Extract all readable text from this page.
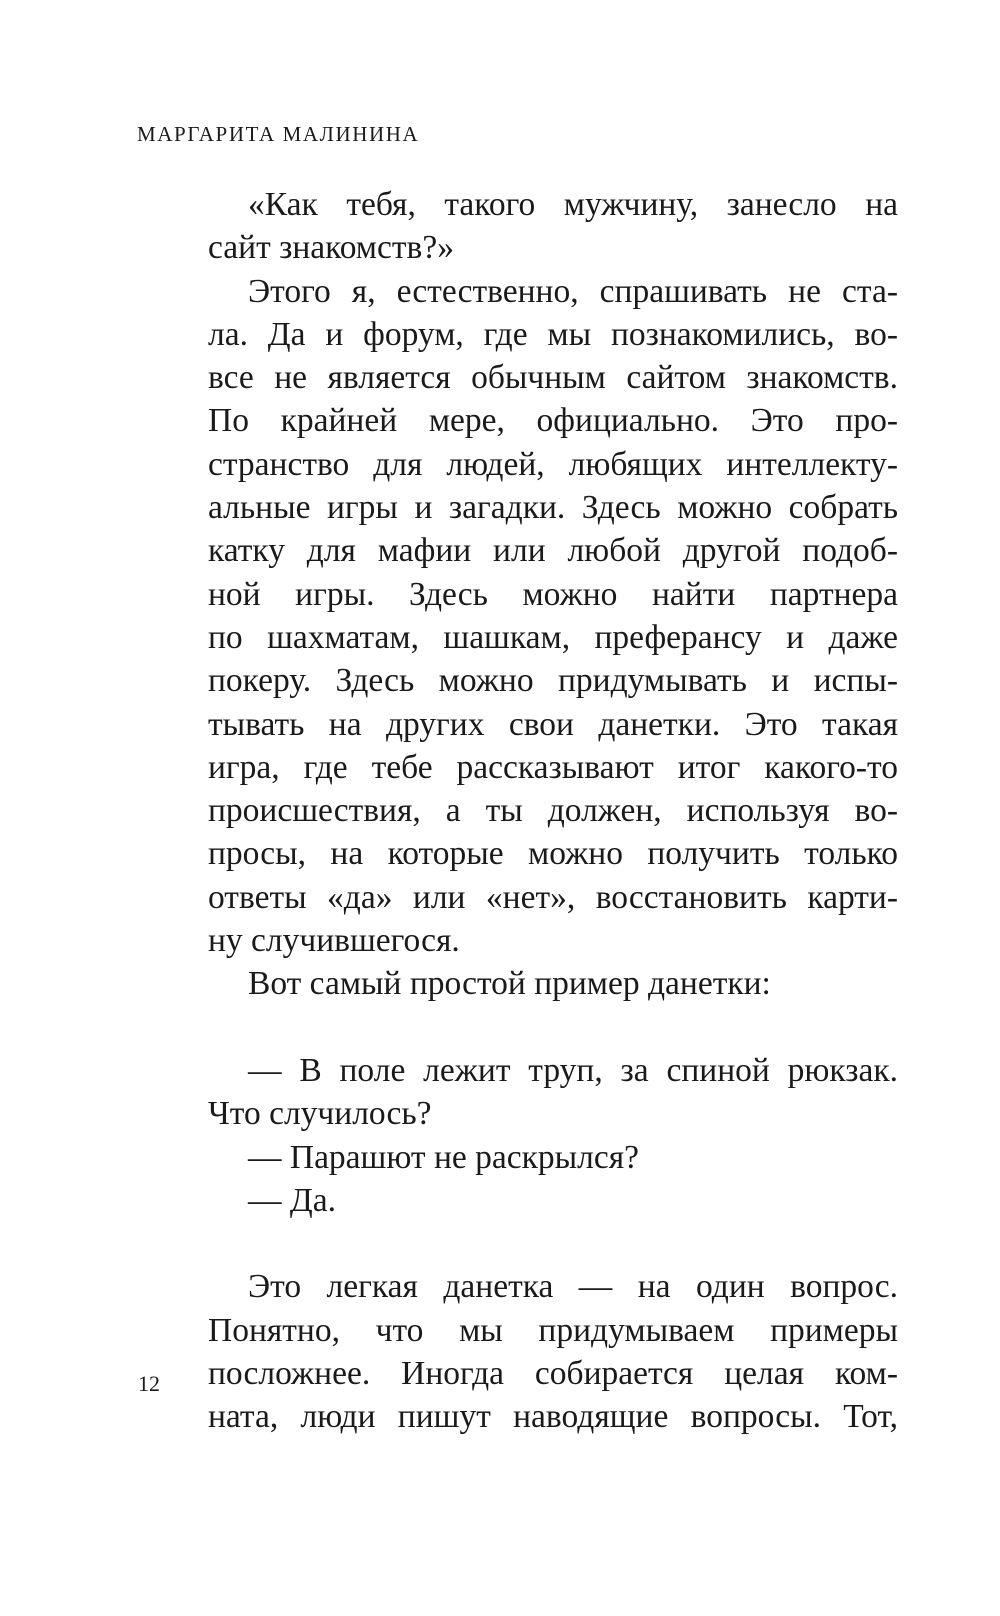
МАРГАРИТА МАЛИНИНА
«Как тебя, такого мужчину, занесло на
сайт знакомств?»
Этого я, естественно, спрашивать не ста-
ла. Да и форум, где мы познакомились, во-
все не является обычным сайтом знакомств.
По крайней мере, официально. Это про-
странство для людей, любящих интеллекту-
альные игры и загадки. Здесь можно собрать
катку для мафии или любой другой подоб-
ной игры. Здесь можно найти партнера
по шахматам, шашкам, преферансу и даже
покеру. Здесь можно придумывать и испы-
тывать на других свои данетки. Это такая
игра, где тебе рассказывают итог какого-то
происшествия, а ты должен, используя во-
просы, на которые можно получить только
ответы «да» или «нет», восстановить карти-
ну случившегося.
Вот самый простой пример данетки:
— В поле лежит труп, за спиной рюкзак.
Что случилось?
— Парашют не раскрылся?
— Да.
Это легкая данетка — на один вопрос.
Понятно, что мы придумываем примеры
посложнее. Иногда собирается целая ком-
ната, люди пишут наводящие вопросы. Тот,
12
